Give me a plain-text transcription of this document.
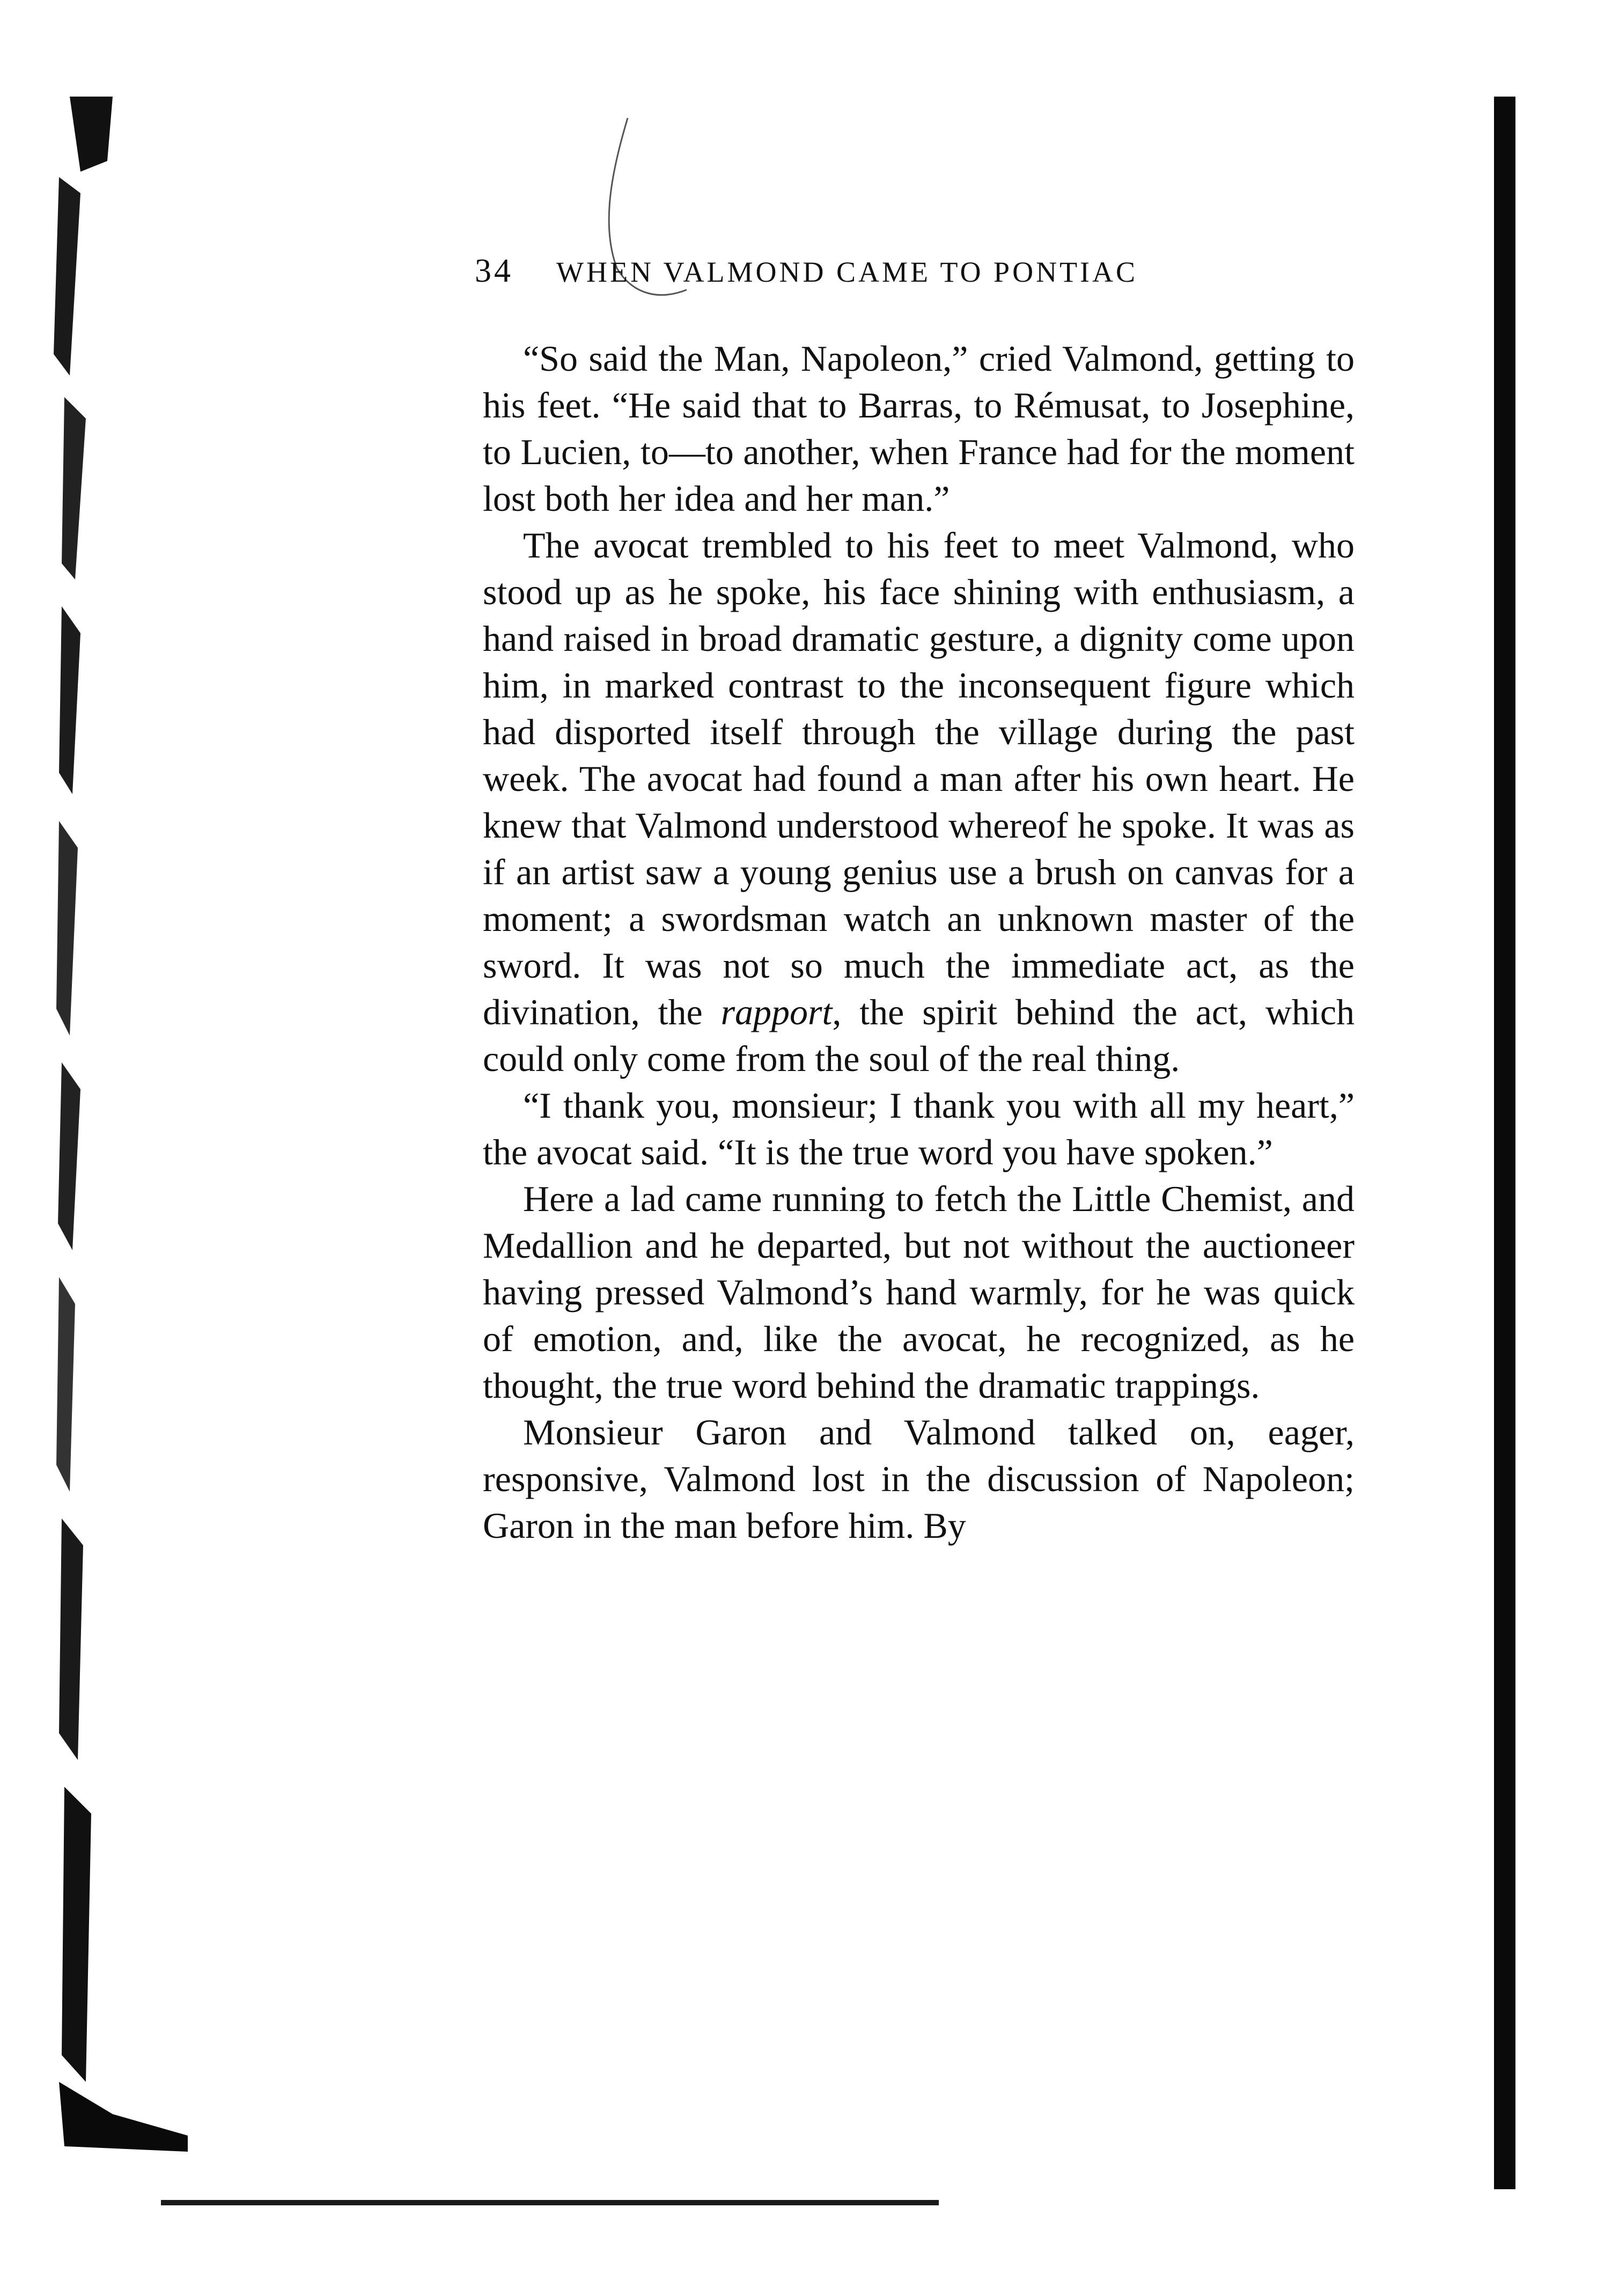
34 WHEN VALMOND CAME TO PONTIAC

“So said the Man, Napoleon,” cried Valmond, getting to his feet. “He said that to Barras, to Rémusat, to Josephine, to Lucien, to—to another, when France had for the moment lost both her idea and her man.”

The avocat trembled to his feet to meet Valmond, who stood up as he spoke, his face shining with enthusiasm, a hand raised in broad dramatic gesture, a dignity come upon him, in marked contrast to the inconsequent figure which had disported itself through the village during the past week. The avocat had found a man after his own heart. He knew that Valmond understood whereof he spoke. It was as if an artist saw a young genius use a brush on canvas for a moment; a swordsman watch an unknown master of the sword. It was not so much the immediate act, as the divination, the rapport, the spirit behind the act, which could only come from the soul of the real thing.

“I thank you, monsieur; I thank you with all my heart,” the avocat said. “It is the true word you have spoken.”

Here a lad came running to fetch the Little Chemist, and Medallion and he departed, but not without the auctioneer having pressed Valmond’s hand warmly, for he was quick of emotion, and, like the avocat, he recognized, as he thought, the true word behind the dramatic trappings.

Monsieur Garon and Valmond talked on, eager, responsive, Valmond lost in the discussion of Napoleon; Garon in the man before him. By
